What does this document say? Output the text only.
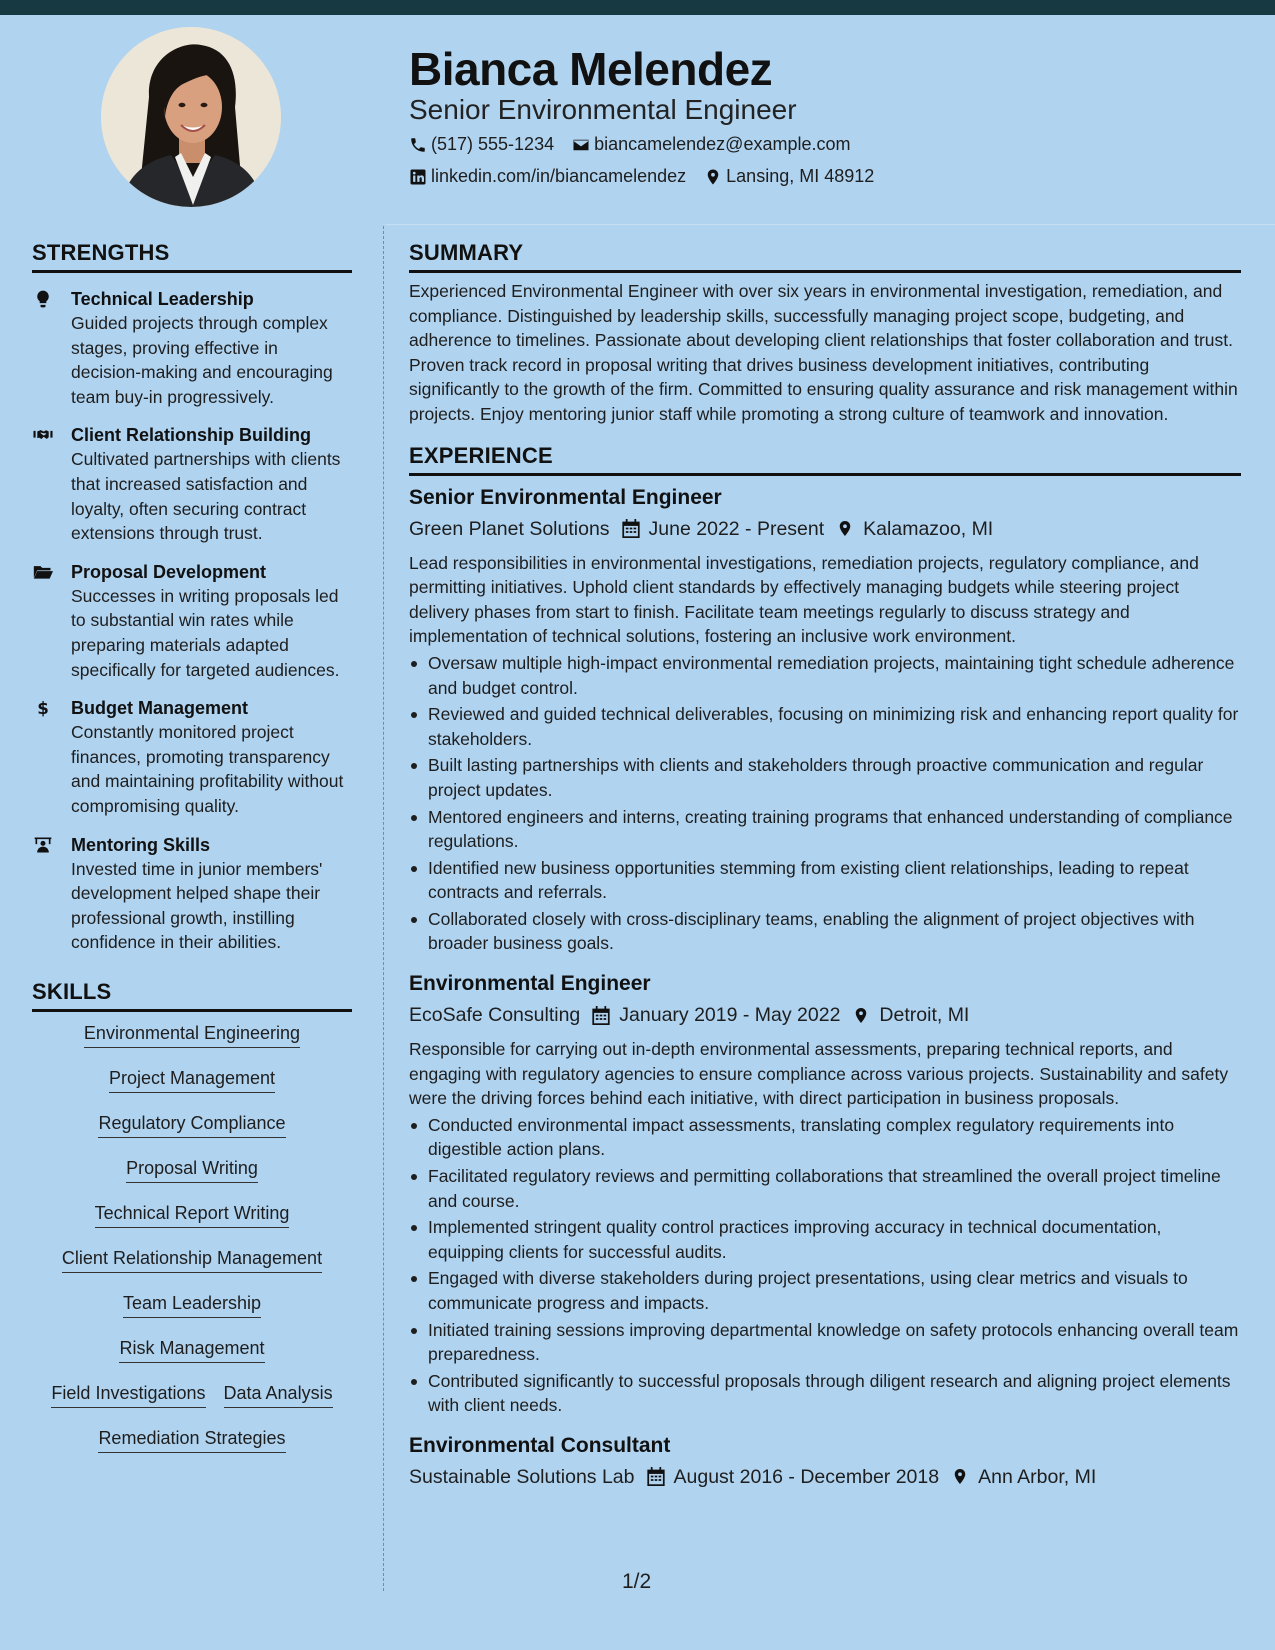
Bianca Melendez
Senior Environmental Engineer
(517) 555-1234 biancamelendez@example.com
linkedin.com/in/biancamelendez Lansing, MI 48912
STRENGTHS
Technical Leadership
Guided projects through complex stages, proving effective in decision-making and encouraging team buy-in progressively.
Client Relationship Building
Cultivated partnerships with clients that increased satisfaction and loyalty, often securing contract extensions through trust.
Proposal Development
Successes in writing proposals led to substantial win rates while preparing materials adapted specifically for targeted audiences.
$ Budget Management
Constantly monitored project finances, promoting transparency and maintaining profitability without compromising quality.
Mentoring Skills
Invested time in junior members' development helped shape their professional growth, instilling confidence in their abilities.
SKILLS
Environmental Engineering
Project Management
Regulatory Compliance
Proposal Writing
Technical Report Writing
Client Relationship Management
Team Leadership
Risk Management
Field Investigations Data Analysis
Remediation Strategies
SUMMARY
Experienced Environmental Engineer with over six years in environmental investigation, remediation, and compliance. Distinguished by leadership skills, successfully managing project scope, budgeting, and adherence to timelines. Passionate about developing client relationships that foster collaboration and trust. Proven track record in proposal writing that drives business development initiatives, contributing significantly to the growth of the firm. Committed to ensuring quality assurance and risk management within projects. Enjoy mentoring junior staff while promoting a strong culture of teamwork and innovation.
EXPERIENCE
Senior Environmental Engineer
Green Planet Solutions June 2022 - Present Kalamazoo, MI
Lead responsibilities in environmental investigations, remediation projects, regulatory compliance, and permitting initiatives. Uphold client standards by effectively managing budgets while steering project delivery phases from start to finish. Facilitate team meetings regularly to discuss strategy and implementation of technical solutions, fostering an inclusive work environment.
Oversaw multiple high-impact environmental remediation projects, maintaining tight schedule adherence and budget control.
Reviewed and guided technical deliverables, focusing on minimizing risk and enhancing report quality for stakeholders.
Built lasting partnerships with clients and stakeholders through proactive communication and regular project updates.
Mentored engineers and interns, creating training programs that enhanced understanding of compliance regulations.
Identified new business opportunities stemming from existing client relationships, leading to repeat contracts and referrals.
Collaborated closely with cross-disciplinary teams, enabling the alignment of project objectives with broader business goals.
Environmental Engineer
EcoSafe Consulting January 2019 - May 2022 Detroit, MI
Responsible for carrying out in-depth environmental assessments, preparing technical reports, and engaging with regulatory agencies to ensure compliance across various projects. Sustainability and safety were the driving forces behind each initiative, with direct participation in business proposals.
Conducted environmental impact assessments, translating complex regulatory requirements into digestible action plans.
Facilitated regulatory reviews and permitting collaborations that streamlined the overall project timeline and course.
Implemented stringent quality control practices improving accuracy in technical documentation, equipping clients for successful audits.
Engaged with diverse stakeholders during project presentations, using clear metrics and visuals to communicate progress and impacts.
Initiated training sessions improving departmental knowledge on safety protocols enhancing overall team preparedness.
Contributed significantly to successful proposals through diligent research and aligning project elements with client needs.
Environmental Consultant
Sustainable Solutions Lab August 2016 - December 2018 Ann Arbor, MI
1/2
